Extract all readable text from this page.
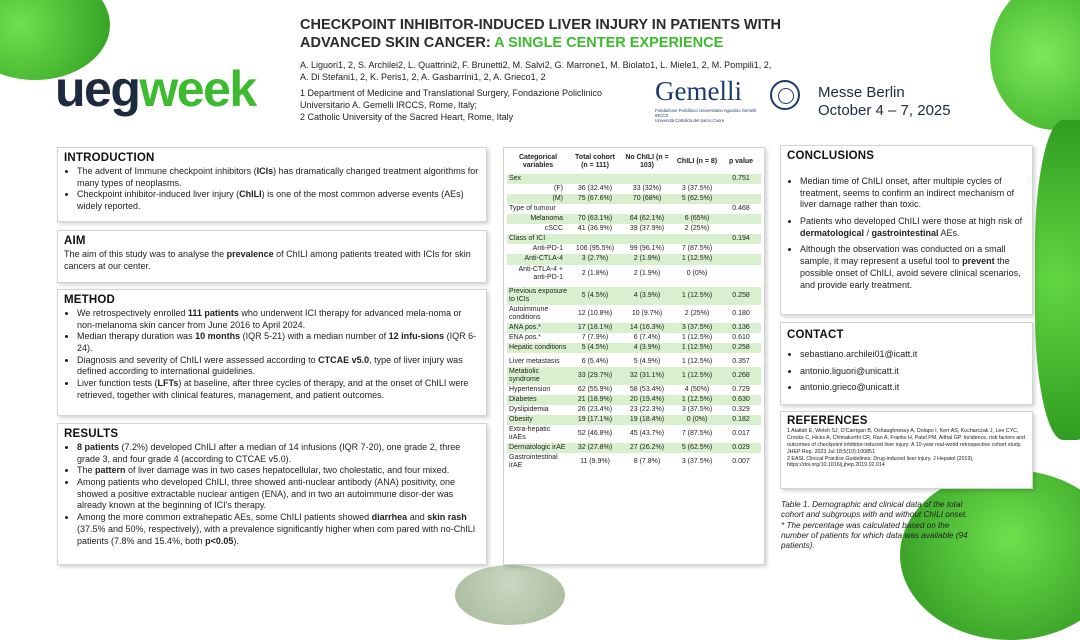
CHECKPOINT INHIBITOR-INDUCED LIVER INJURY IN PATIENTS WITH
ADVANCED SKIN CANCER: A SINGLE CENTER EXPERIENCE
A. Liguori1, 2, S. Archilei2, L. Quattrini2, F. Brunetti2, M. Salvi2, G. Marrone1, M. Biolato1, L. Miele1, 2, M. Pompili1, 2,
A. Di Stefani1, 2, K. Peris1, 2, A. Gasbarrini1, 2, A. Grieco1, 2
1 Department of Medicine and Translational Surgery, Fondazione Policlinico
Universitario A. Gemelli IRCCS, Rome, Italy;
2 Catholic University of the Sacred Heart, Rome, Italy
uegweek	Gemelli
Fondazione Policlinico Universitario Agostino Gemelli IRCCS
Università Cattolica del Sacro Cuore
Messe Berlin
October 4 – 7, 2025
INTRODUCTION
• The advent of Immune checkpoint inhibitors (ICIs) has dramatically changed treatment algorithms for many types of neoplasms.
• Checkpoint inhibitor-induced liver injury (ChILI) is one of the most common adverse events (AEs) widely reported.
AIM

The aim of this study was to analyse the prevalence of ChILI among patients treated with ICIs for skin cancers at our center.

METHOD
• We retrospectively enrolled 111 patients who underwent ICI therapy for advanced mela-noma or non-melanoma skin cancer from June 2016 to April 2024.
• Median therapy duration was 10 months (IQR 5-21) with a median number of 12 infu-sions (IQR 6-24).
• Diagnosis and severity of ChILI were assessed according to CTCAE v5.0, type of liver injury was defined according to international guidelines.
• Liver function tests (LFTs) at baseline, after three cycles of therapy, and at the onset of ChILI were retrieved, together with clinical features, management, and patient outcomes.
RESULTS
• 8 patients (7.2%) developed ChILI after a median of 14 infusions (IQR 7-20), one grade 2, three grade 3, and four grade 4 (according to CTCAE v5.0).
• The pattern of liver damage was in two cases hepatocellular, two cholestatic, and four mixed.
• Among patients who developed ChILI, three showed anti-nuclear antibody (ANA) positivity, one showed a positive extractable nuclear antigen (ENA), and in two an autoimmune disor-der was already known at the beginning of ICI's therapy.
• Among the more common extrahepatic AEs, some ChILI patients showed diarrhea and skin rash (37.5% and 50%, respectively), with a prevalence significantly higher when com pared with no-ChILI patients (7.8% and 15.4%, both p<0.05).
Categorical variables	Total cohort (n = 111)	No ChILI (n = 103)	ChILI (n = 8)	p value
Sex				0.751
(F)	36 (32.4%)	33 (32%)	3 (37.5%)	
(M)	75 (67.6%)	70 (68%)	5 (62.5%)	
Type of tumour				0.468
Melanoma	70 (63.1%)	64 (62.1%)	6 (65%)	
cSCC	41 (36.9%)	39 (37.9%)	2 (25%)	
Class of ICI				0.194
Anti-PD-1	106 (95.5%)	99 (96.1%)	7 (87.5%)	
Anti-CTLA-4	3 (2.7%)	2 (1.9%)	1 (12.5%)	
Anti-CTLA-4 + anti-PD-1	2 (1.8%)	2 (1.9%)	0 (0%)	

Previous exposure to ICIs	5 (4.5%)	4 (3.9%)	1 (12.5%)	0.258
Autoimmune conditions	12 (10.8%)	10 (9.7%)	2 (25%)	0.180
ANA pos.*	17 (18.1%)	14 (16.3%)	3 (37.5%)	0.136
ENA pos.*	7 (7.9%)	6 (7.4%)	1 (12.5%)	0.610
Hepatic conditions	5 (4.5%)	4 (3.9%)	1 (12.5%)	0.258

Liver metastasis	6 (5.4%)	5 (4.9%)	1 (12.5%)	0.357
Metabolic syndrome	33 (29.7%)	32 (31.1%)	1 (12.5%)	0.268
Hypertension	62 (55.9%)	58 (53.4%)	4 (50%)	0.729
Diabetes	21 (18.9%)	20 (19.4%)	1 (12.5%)	0.630
Dyslipidemia	26 (23.4%)	23 (22.3%)	3 (37.5%)	0.329
Obesity	19 (17.1%)	19 (18.4%)	0 (0%)	0.182
Extra-hepatic irAEs	52 (46.8%)	45 (43.7%)	7 (87.5%)	0.017
Dermatologic irAE	32 (27.8%)	27 (26.2%)	5 (62.5%)	0.029
Gastrointestinal irAE	11 (9.9%)	8 (7.8%)	3 (37.5%)	0.007
CONCLUSIONS
• Median time of ChILI onset, after multiple cycles of treatment, seems to confirm an indirect mechanism of liver damage rather than toxic.
• Patients who developed ChILI were those at high risk of dermatological / gastrointestinal AEs.
• Although the observation was conducted on a small sample, it may represent a useful tool to prevent the possible onset of ChILI, avoid severe clinical scenarios, and provide early treatment.
CONTACT
• sebastiano.archilei01@icatt.it
• antonio.liguori@unicatt.it
• antonio.grieco@unicatt.it
REFERENCES
1 Atallah E, Welsh SJ, O'Carrigan B, Oshaughnessy A, Dolapo I, Kerr AS, Kucharczak J, Lee CYC, Crooks C, Hicks A, Chimakurthi CR, Rao A, Franks H, Patel PM, Aithal GP. Incidence, risk factors and outcomes of checkpoint inhibitor-induced liver injury: A 10-year real-world retrospective cohort study. JHEP Rep. 2023 Jul 18;5(10):100851
2 EASL Clinical Practice Guidelines: Drug-induced liver injury. J Hepatol (2019), https://doi.org/10.1016/j.jhep.2019.02.014
Table 1. Demographic and clinical data of the total cohort and subgroups with and without ChILI onset.
* The percentage was calculated based on the number of patients for which data was available (94 patients).
